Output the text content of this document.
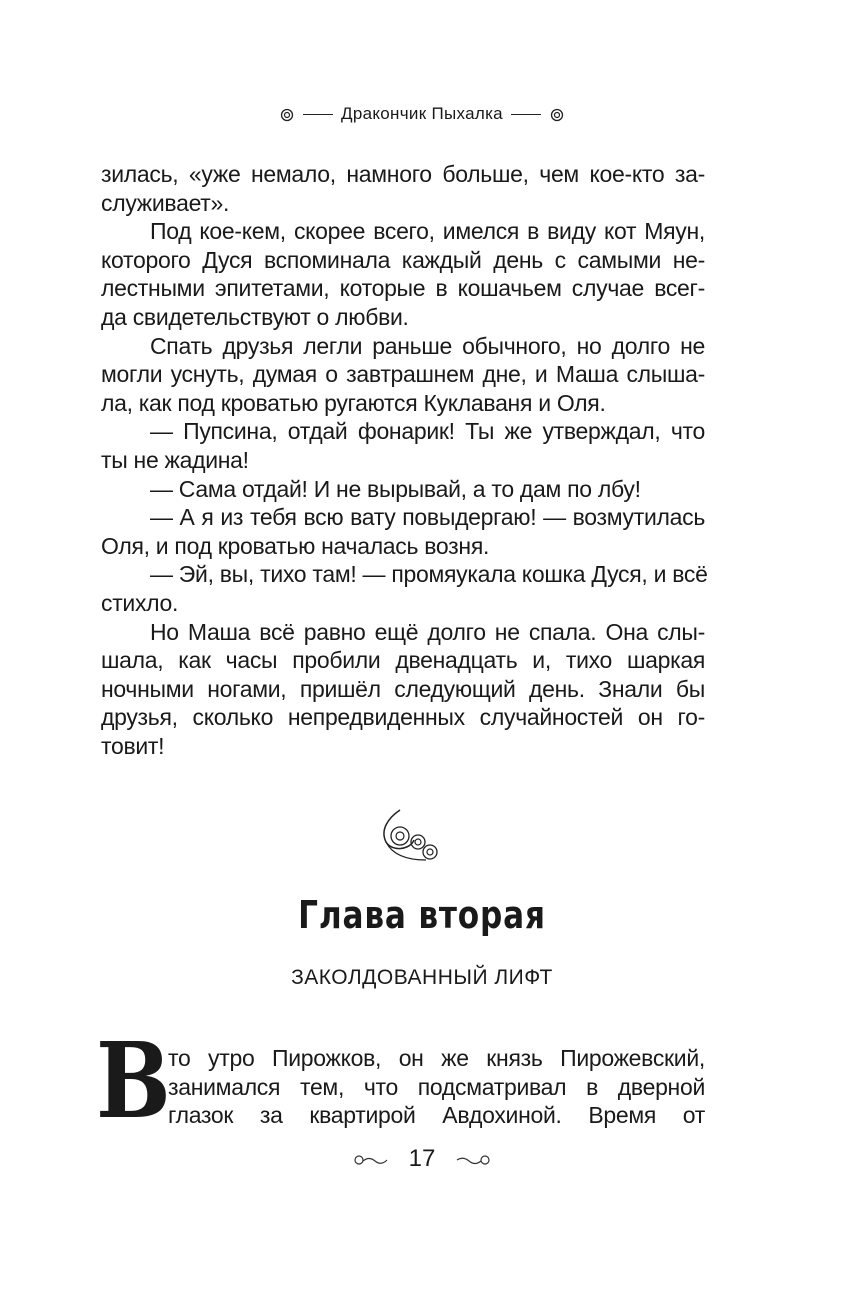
Дракончик Пыхалка
зилась, «уже немало, намного больше, чем кое-кто за-
служивает».
Под кое-кем, скорее всего, имелся в виду кот Мяун,
которого Дуся вспоминала каждый день с самыми не-
лестными эпитетами, которые в кошачьем случае всег-
да свидетельствуют о любви.
Спать друзья легли раньше обычного, но долго не
могли уснуть, думая о завтрашнем дне, и Маша слыша-
ла, как под кроватью ругаются Куклаваня и Оля.
— Пупсина, отдай фонарик! Ты же утверждал, что
ты не жадина!
— Сама отдай! И не вырывай, а то дам по лбу!
— А я из тебя всю вату повыдергаю! — возмутилась
Оля, и под кроватью началась возня.
— Эй, вы, тихо там! — промяукала кошка Дуся, и всё
стихло.
Но Маша всё равно ещё долго не спала. Она слы-
шала, как часы пробили двенадцать и, тихо шаркая
ночными ногами, пришёл следующий день. Знали бы
друзья, сколько непредвиденных случайностей он го-
товит!
Глава вторая
ЗАКОЛДОВАННЫЙ ЛИФТ
В
то утро Пирожков, он же князь Пирожевский,
занимался тем, что подсматривал в дверной
глазок за квартирой Авдохиной. Время от
17
